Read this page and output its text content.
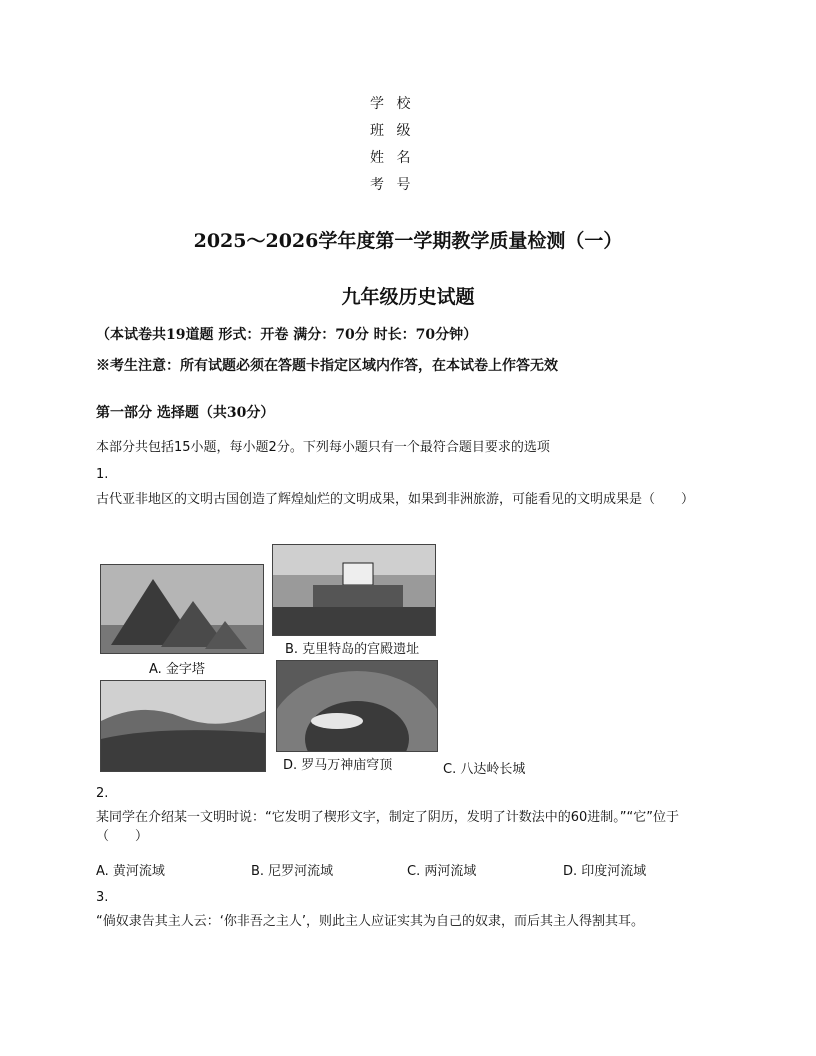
学 校
班 级
姓 名
考 号
2025～2026学年度第一学期教学质量检测（一）
九年级历史试题
（本试卷共19道题 形式：开卷 满分：70分 时长：70分钟）
※考生注意：所有试题必须在答题卡指定区域内作答，在本试卷上作答无效
第一部分 选择题（共30分）
本部分共包括15小题，每小题2分。下列每小题只有一个最符合题目要求的选项
1.
古代亚非地区的文明古国创造了辉煌灿烂的文明成果，如果到非洲旅游，可能看见的文明成果是（　　）
A. 金字塔
B. 克里特岛的宫殿遗址
D. 罗马万神庙穹顶	C. 八达岭长城
2.
某同学在介绍某一文明时说：“它发明了楔形文字，制定了阴历，发明了计数法中的60进制。”“它”位于（　　）
A. 黄河流域	B. 尼罗河流域	C. 两河流域	D. 印度河流域
3.
“倘奴隶告其主人云：‘你非吾之主人’，则此主人应证实其为自己的奴隶，而后其主人得割其耳。
